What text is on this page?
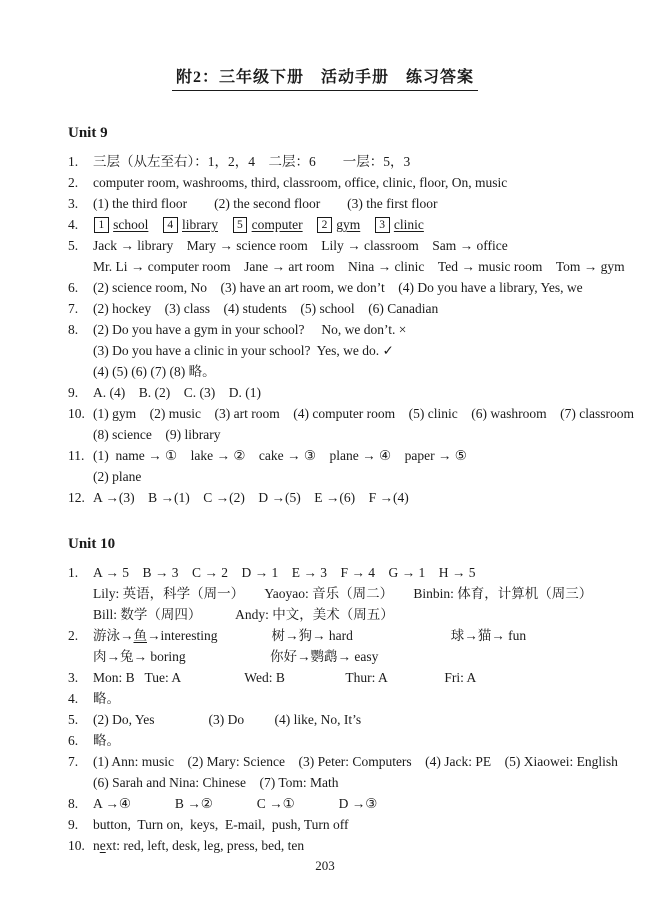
附2：三年级下册　活动手册　练习答案
Unit 9
1.	三层（从左至右）：1，2，4　二层：6　　一层：5，3
2.	computer room, washrooms, third, classroom, office, clinic, floor, On, music
3.	(1) the third floor　　(2) the second floor　　(3) the first floor
4.	1 school　 4 library　 5 computer　 2 gym　 3 clinic
5.	Jack → library　Mary → science room　Lily → classroom　Sam → office
Mr. Li → computer room　Jane → art room　Nina → clinic　Ted → music room　Tom → gym
6.	(2) science room, No　(3) have an art room, we don’t　(4) Do you have a library, Yes, we
7.	(2) hockey　(3) class　(4) students　(5) school　(6) Canadian
8.	(2) Do you have a gym in your school?　 No, we don’t. ×
(3) Do you have a clinic in your school?  Yes, we do. ✓
(4) (5) (6) (7) (8) 略。
9.	A. (4)　B. (2)　C. (3)　D. (1)
10. (1) gym　(2) music　(3) art room　(4) computer room　(5) clinic　(6) washroom　(7) classroom
(8) science　(9) library
11. (1)  name → ①　lake → ②　cake → ③　plane → ④　paper → ⑤
(2) plane
12. A →(3)　B →(1)　C →(2)　D →(5)　E →(6)　F →(4)
Unit 10
1.	A → 5　B → 3　C → 2　D → 1　E → 3　F → 4　G → 1　H → 5
Lily: 英语，科学（周一）　　Yaoyao: 音乐（周二）　　Binbin: 体育，计算机（周三）
Bill: 数学（周四）　　　Andy: 中文，美术（周五）
2.	游泳→鱼→interesting　　　　	树→狗→ hard　　　　　　　	球→猫→ fun
肉→兔→ boring　　　　　　	你好→鹦鹉→ easy
3.	Mon: B   Tue: A　　　　   Wed: B　　　　  Thur: A　　　　 Fri: A
4.	略。
5.	(2) Do, Yes　　　　(3) Do　　 (4) like, No, It’s
6.	略。
7.	(1) Ann: music　(2) Mary: Science　(3) Peter: Computers　(4) Jack: PE　(5) Xiaowei: English
(6) Sarah and Nina: Chinese　(7) Tom: Math
8.	A →④　　 　B →②　　 　C →①　　 　D →③
9.	button,  Turn on,  keys,  E-mail,  push, Turn off
10. next: red, left, desk, leg, press, bed, ten
203
